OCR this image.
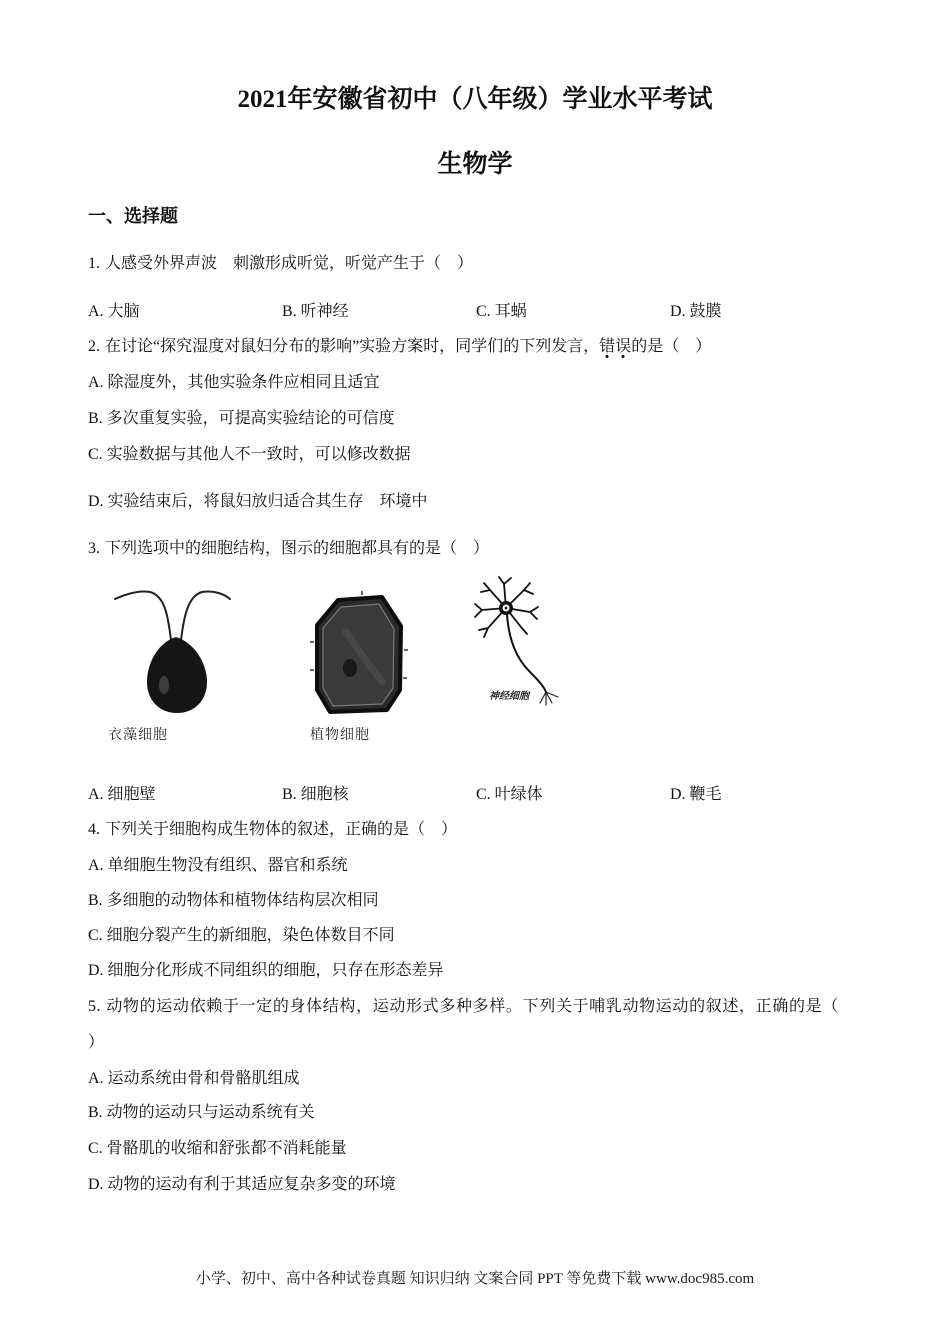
2021年安徽省初中（八年级）学业水平考试
生物学
一、选择题
1. 人感受外界声波　刺激形成听觉，听觉产生于（　）
A. 大脑	B. 听神经	C. 耳蜗	D. 鼓膜
2. 在讨论“探究湿度对鼠妇分布的影响”实验方案时，同学们的下列发言，错误的是（　）
A. 除湿度外，其他实验条件应相同且适宜
B. 多次重复实验，可提高实验结论的可信度
C. 实验数据与其他人不一致时，可以修改数据
D. 实验结束后，将鼠妇放归适合其生存　环境中
3. 下列选项中的细胞结构，图示的细胞都具有的是（　）
衣藻细胞	植物细胞
神经细胞
A. 细胞壁	B. 细胞核	C. 叶绿体	D. 鞭毛
4. 下列关于细胞构成生物体的叙述，正确的是（　）
A. 单细胞生物没有组织、器官和系统
B. 多细胞的动物体和植物体结构层次相同
C. 细胞分裂产生的新细胞，染色体数目不同
D. 细胞分化形成不同组织的细胞，只存在形态差异
5. 动物的运动依赖于一定的身体结构，运动形式多种多样。下列关于哺乳动物运动的叙述，正确的是（
）
A. 运动系统由骨和骨骼肌组成
B. 动物的运动只与运动系统有关
C. 骨骼肌的收缩和舒张都不消耗能量
D. 动物的运动有利于其适应复杂多变的环境
小学、初中、高中各种试卷真题 知识归纳 文案合同 PPT 等免费下载 www.doc985.com
